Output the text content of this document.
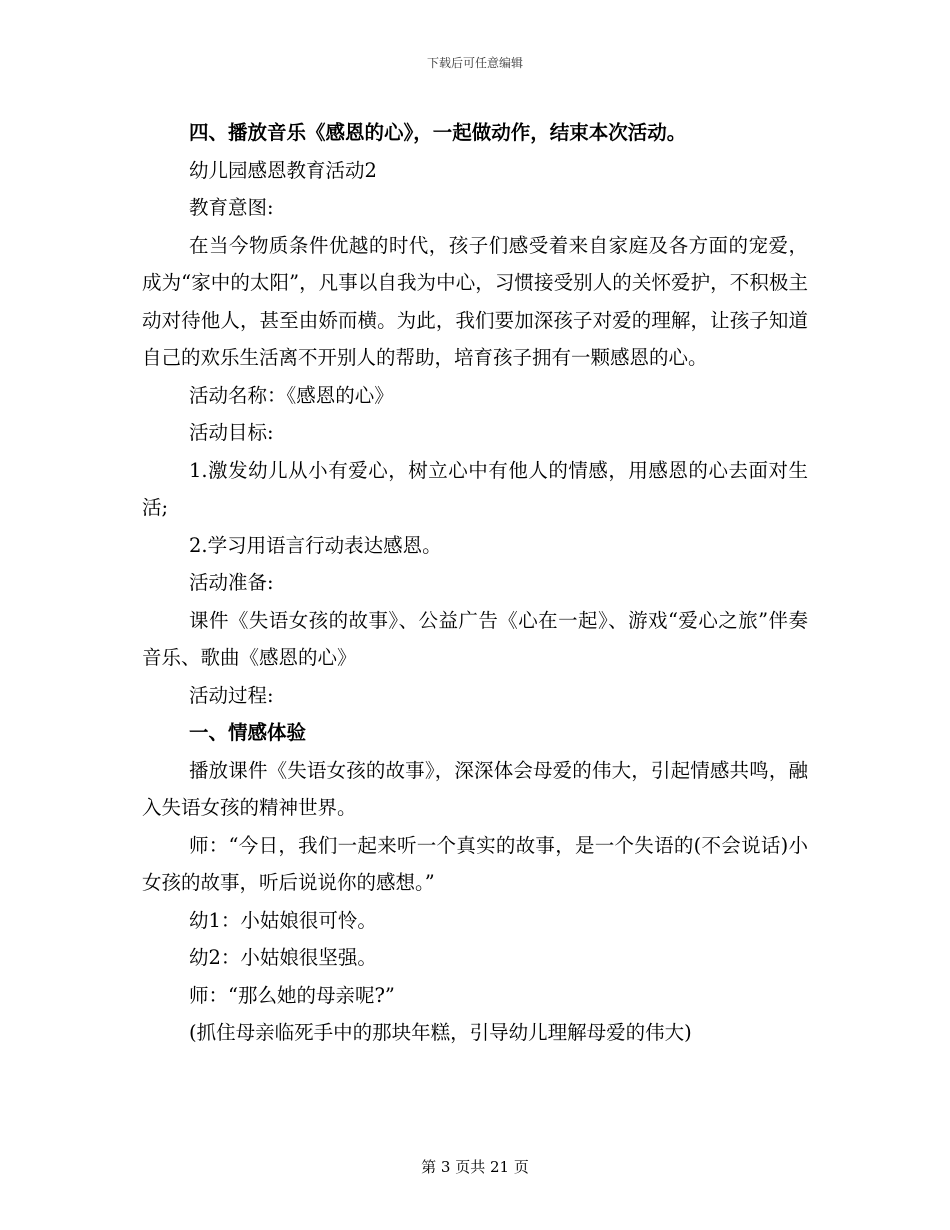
下载后可任意编辑

四、播放音乐《感恩的心》，一起做动作，结束本次活动。

幼儿园感恩教育活动2

教育意图:

在当今物质条件优越的时代，孩子们感受着来自家庭及各方面的宠爱，成为“家中的太阳”，凡事以自我为中心，习惯接受别人的关怀爱护，不积极主动对待他人，甚至由娇而横。为此，我们要加深孩子对爱的理解，让孩子知道自己的欢乐生活离不开别人的帮助，培育孩子拥有一颗感恩的心。

活动名称：《感恩的心》

活动目标:

1.激发幼儿从小有爱心，树立心中有他人的情感，用感恩的心去面对生活;

2.学习用语言行动表达感恩。

活动准备:

课件《失语女孩的故事》、公益广告《心在一起》、游戏“爱心之旅”伴奏音乐、歌曲《感恩的心》

活动过程:

一、情感体验

播放课件《失语女孩的故事》，深深体会母爱的伟大，引起情感共鸣，融入失语女孩的精神世界。

师：“今日，我们一起来听一个真实的故事，是一个失语的(不会说话)小女孩的故事，听后说说你的感想。”

幼1：小姑娘很可怜。

幼2：小姑娘很坚强。

师：“那么她的母亲呢?”

(抓住母亲临死手中的那块年糕，引导幼儿理解母爱的伟大)

第 3 页共 21 页
